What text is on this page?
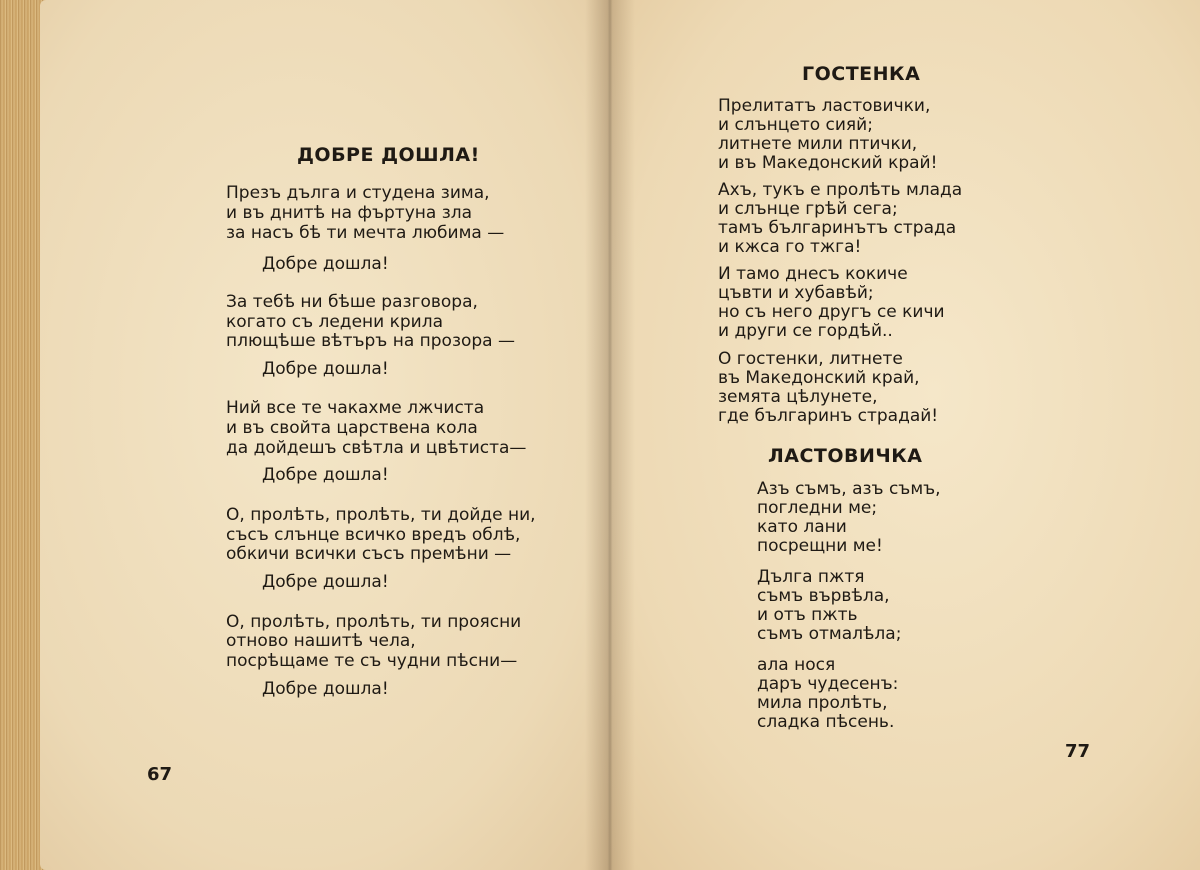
ДОБРЕ ДОШЛА!
Презъ дълга и студена зима,
и въ днитѣ на фъртуна зла
за насъ бѣ ти мечта любима —
Добре дошла!
За тебѣ ни бѣше разговора,
когато съ ледени крила
плющѣше вѣтъръ на прозора —
Добре дошла!
Ний все те чакахме лжчиста
и въ свойта царствена кола
да дойдешъ свѣтла и цвѣтиста—
Добре дошла!
О, пролѣть, пролѣть, ти дойде ни,
съсъ слънце всичко вредъ облѣ,
обкичи всички съсъ премѣни —
Добре дошла!
О, пролѣть, пролѣть, ти проясни
отново нашитѣ чела,
посрѣщаме те съ чудни пѣсни—
Добре дошла!
67
ГОСТЕНКА
Прелитатъ ластовички,
и слънцето сияй;
литнете мили птички,
и въ Македонский край!
Ахъ, тукъ е пролѣть млада
и слънце грѣй сега;
тамъ българинътъ страда
и кжса го тжга!
И тамо днесъ кокиче
цъвти и хубавѣй;
но съ него другъ се кичи
и други се гордѣй..
О гостенки, литнете
въ Македонский край,
земята цѣлунете,
где българинъ страдай!
ЛАСТОВИЧКА
Азъ съмъ, азъ съмъ,
погледни ме;
като лани
посрещни ме!
Дълга пжтя
съмъ вървѣла,
и отъ пжть
съмъ отмалѣла;
ала нося
даръ чудесенъ:
мила пролѣть,
сладка пѣсень.
77
